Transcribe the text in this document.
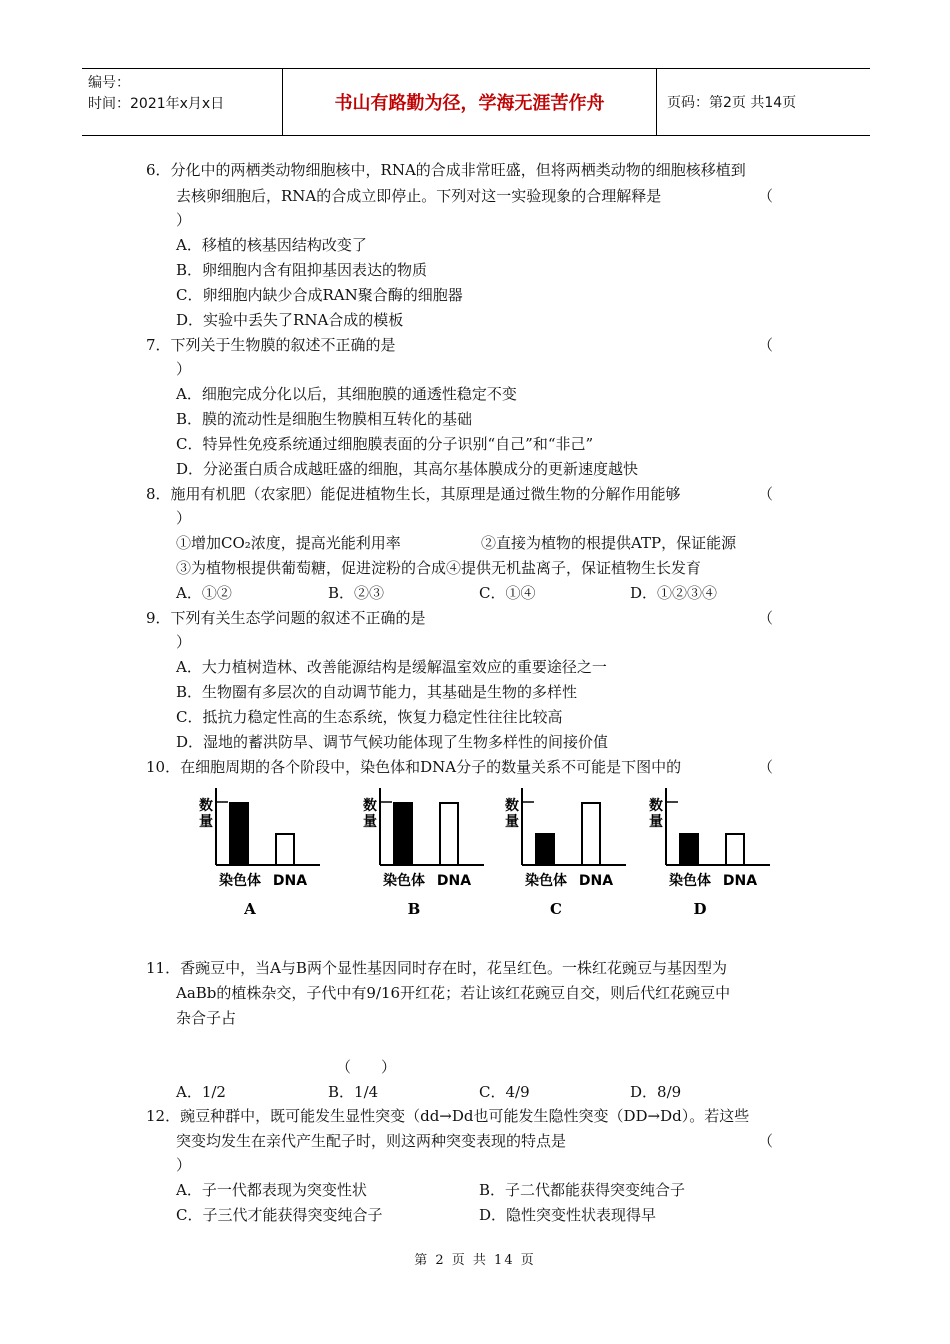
编号：
时间：2021年x月x日	书山有路勤为径，学海无涯苦作舟	页码：第2页 共14页
6．分化中的两栖类动物细胞核中，RNA的合成非常旺盛，但将两栖类动物的细胞核移植到
去核卵细胞后，RNA的合成立即停止。下列对这一实验现象的合理解释是	（
）
A．移植的核基因结构改变了
B．卵细胞内含有阻抑基因表达的物质
C．卵细胞内缺少合成RAN聚合酶的细胞器
D．实验中丢失了RNA合成的模板
7．下列关于生物膜的叙述不正确的是	（
）
A．细胞完成分化以后，其细胞膜的通透性稳定不变
B．膜的流动性是细胞生物膜相互转化的基础
C．特异性免疫系统通过细胞膜表面的分子识别“自己”和“非己”
D．分泌蛋白质合成越旺盛的细胞，其高尔基体膜成分的更新速度越快
8．施用有机肥（农家肥）能促进植物生长，其原理是通过微生物的分解作用能够	（
）
①增加CO₂浓度，提高光能利用率	②直接为植物的根提供ATP，保证能源
③为植物根提供葡萄糖，促进淀粉的合成④提供无机盐离子，保证植物生长发育
A．①②	B．②③	C．①④	D．①②③④
9．下列有关生态学问题的叙述不正确的是	（
）
A．大力植树造林、改善能源结构是缓解温室效应的重要途径之一
B．生物圈有多层次的自动调节能力，其基础是生物的多样性
C．抵抗力稳定性高的生态系统，恢复力稳定性往往比较高
D．湿地的蓄洪防旱、调节气候功能体现了生物多样性的间接价值
10．在细胞周期的各个阶段中，染色体和DNA分子的数量关系不可能是下图中的	（
数量
染色体 DNA
A
数量
染色体 DNA
B
数量
染色体 DNA
C
数量
染色体 DNA
D
11．香豌豆中，当A与B两个显性基因同时存在时，花呈红色。一株红花豌豆与基因型为
AaBb的植株杂交，子代中有9/16开红花；若让该红花豌豆自交，则后代红花豌豆中
杂合子占
（　　）
A．1/2	B．1/4	C．4/9	D．8/9
12．豌豆种群中，既可能发生显性突变（dd→Dd也可能发生隐性突变（DD→Dd）。若这些
突变均发生在亲代产生配子时，则这两种突变表现的特点是	（
）
A．子一代都表现为突变性状	B．子二代都能获得突变纯合子
C．子三代才能获得突变纯合子	D．隐性突变性状表现得早
第 2 页 共 14 页
